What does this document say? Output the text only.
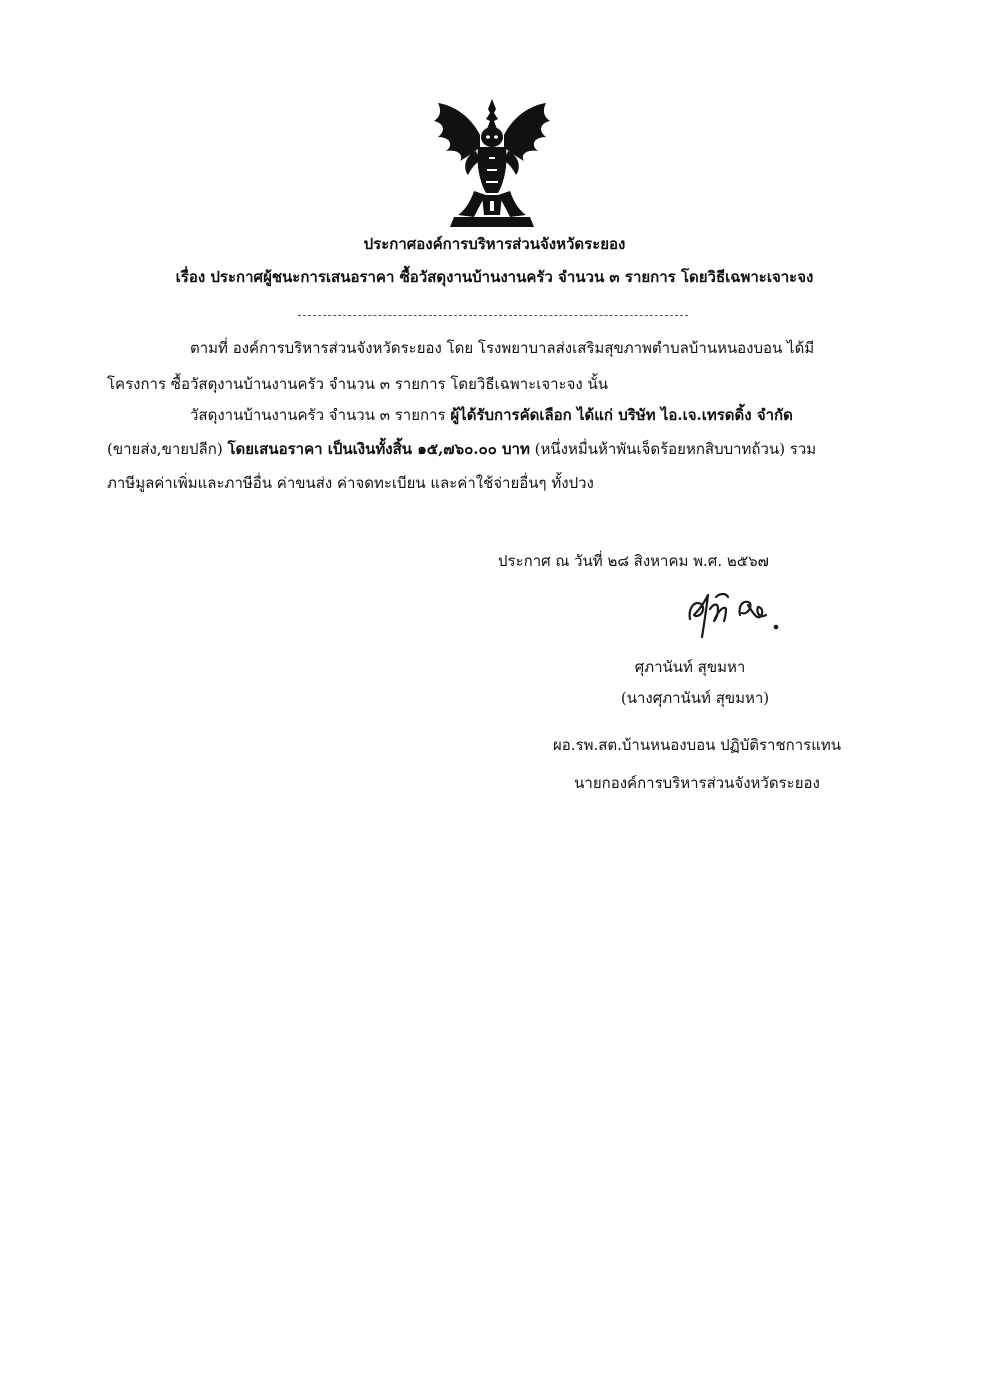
ประกาศองค์การบริหารส่วนจังหวัดระยอง
เรื่อง ประกาศผู้ชนะการเสนอราคา ซื้อวัสดุงานบ้านงานครัว จำนวน ๓ รายการ โดยวิธีเฉพาะเจาะจง
ตามที่ องค์การบริหารส่วนจังหวัดระยอง โดย โรงพยาบาลส่งเสริมสุขภาพตำบลบ้านหนองบอน ได้มี
โครงการ ซื้อวัสดุงานบ้านงานครัว จำนวน ๓ รายการ โดยวิธีเฉพาะเจาะจง นั้น
วัสดุงานบ้านงานครัว จำนวน ๓ รายการ ผู้ได้รับการคัดเลือก ได้แก่ บริษัท ไอ.เจ.เทรดดิ้ง จำกัด
(ขายส่ง,ขายปลีก) โดยเสนอราคา เป็นเงินทั้งสิ้น ๑๕,๗๖๐.๐๐ บาท (หนึ่งหมื่นห้าพันเจ็ดร้อยหกสิบบาทถ้วน) รวม
ภาษีมูลค่าเพิ่มและภาษีอื่น ค่าขนส่ง ค่าจดทะเบียน และค่าใช้จ่ายอื่นๆ ทั้งปวง
ประกาศ ณ วันที่ ๒๘ สิงหาคม พ.ศ. ๒๕๖๗
ศุภานันท์ สุขมหา
(นางศุภานันท์ สุขมหา)
ผอ.รพ.สต.บ้านหนองบอน ปฏิบัติราชการแทน
นายกองค์การบริหารส่วนจังหวัดระยอง
